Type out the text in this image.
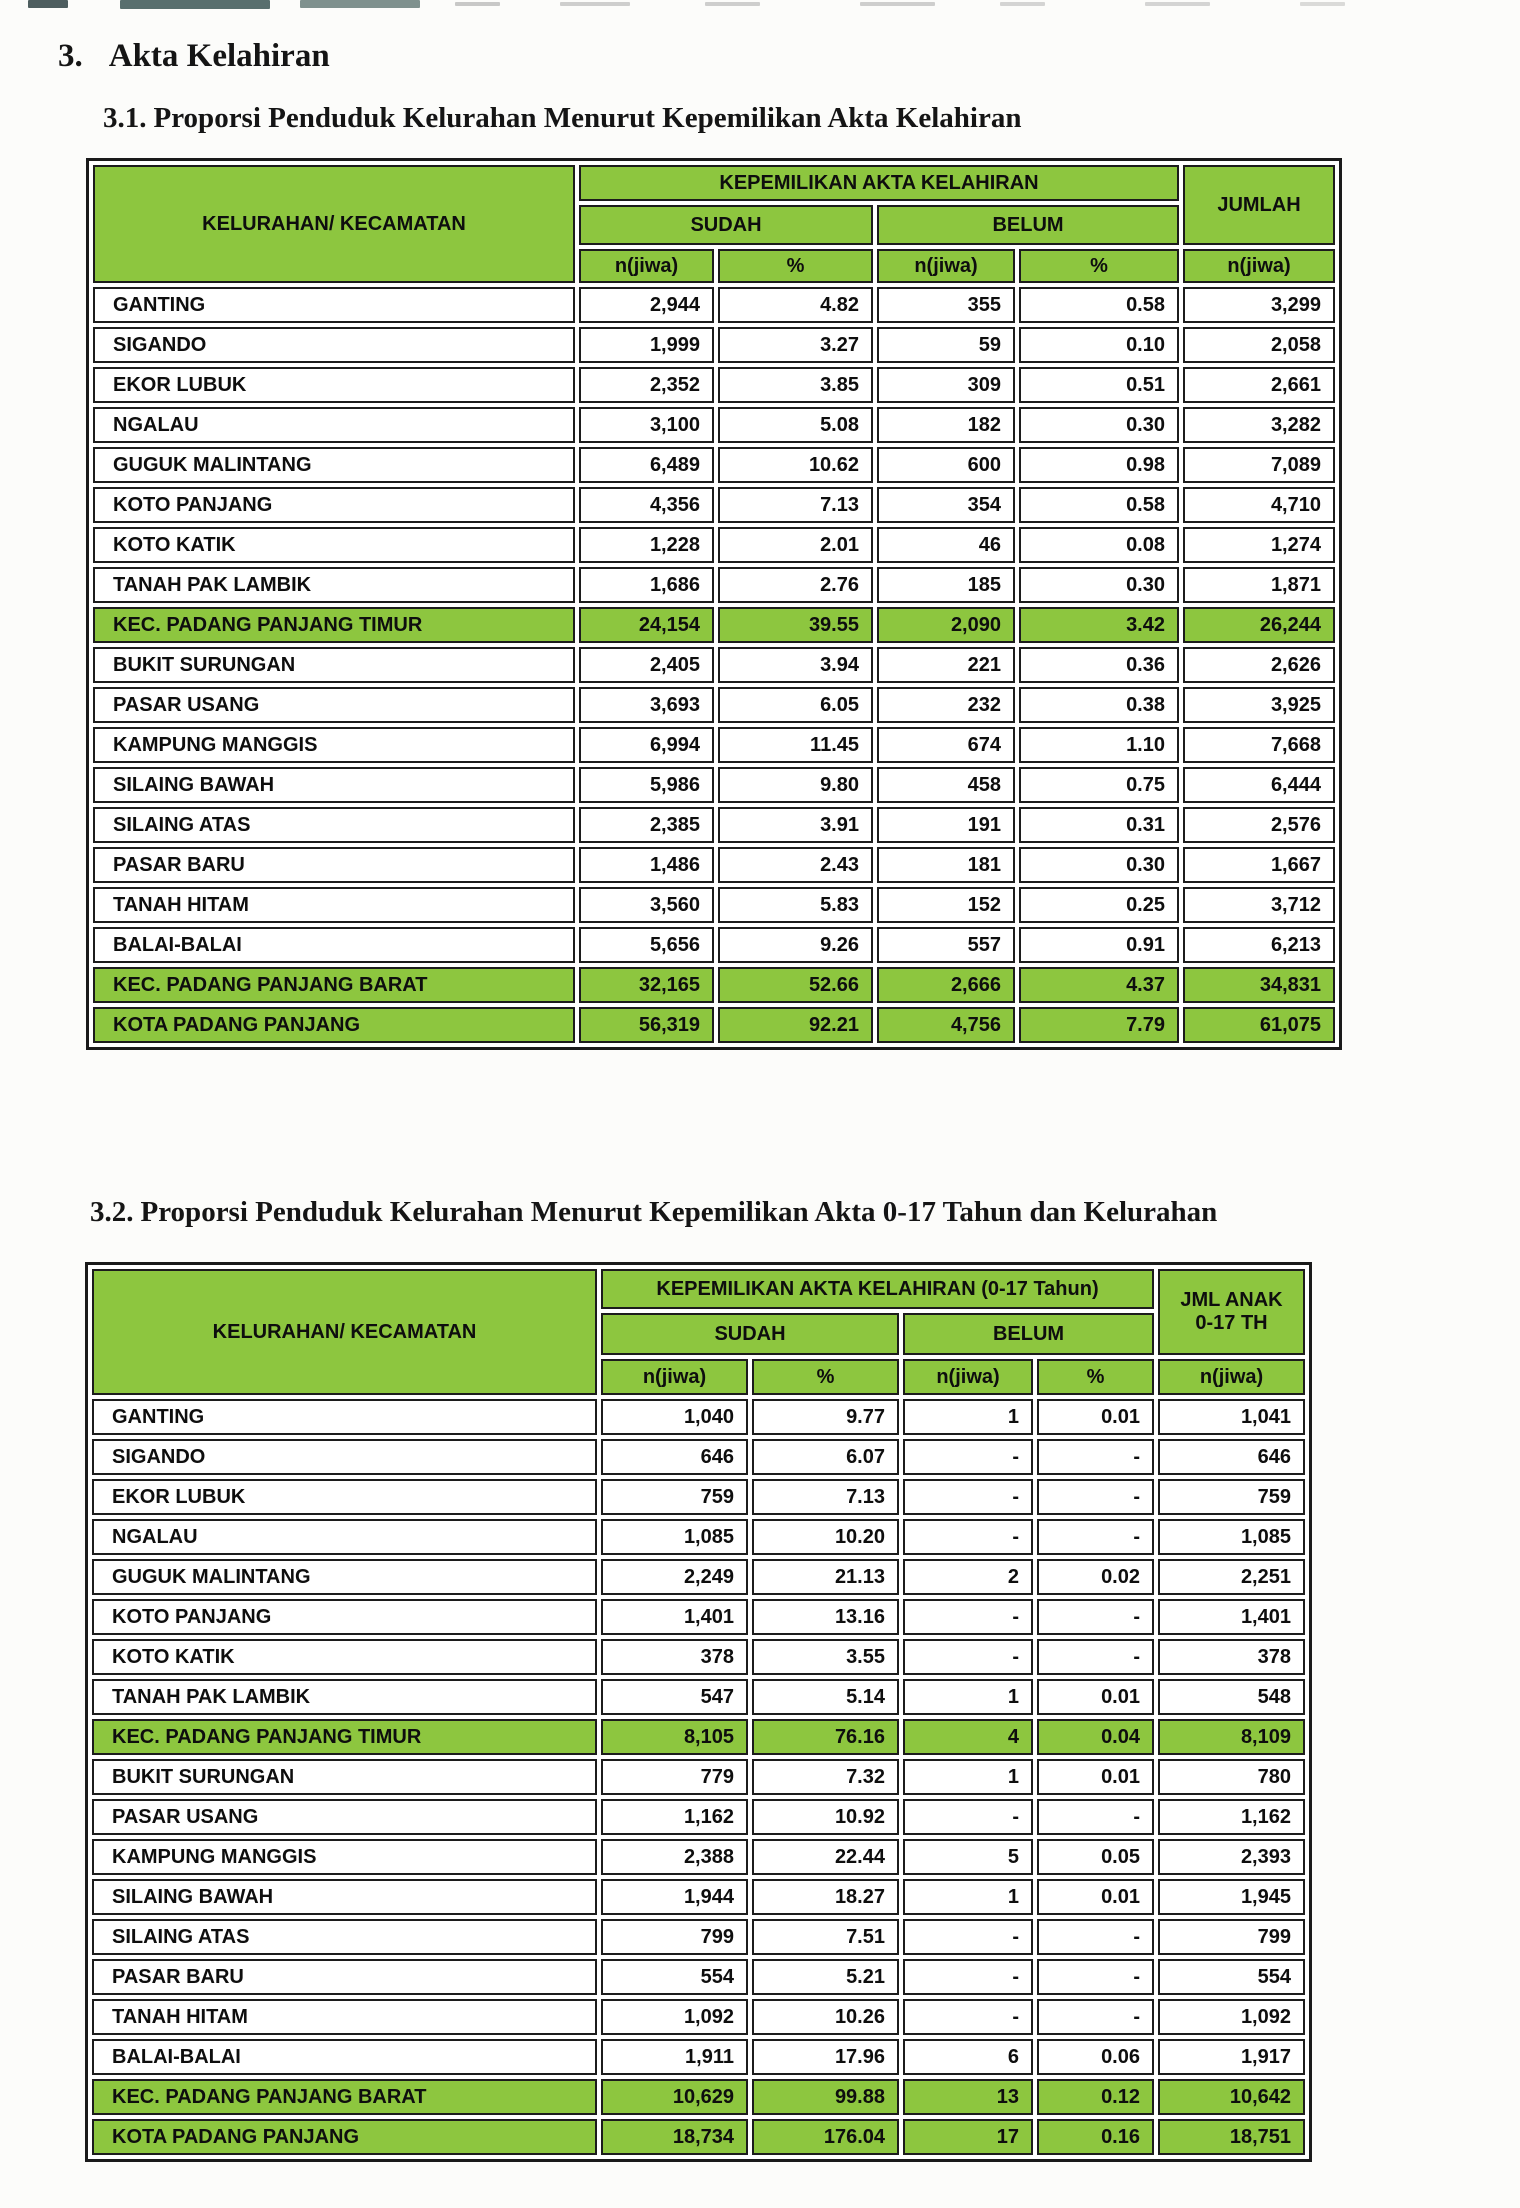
3. Akta Kelahiran
3.1. Proporsi Penduduk Kelurahan Menurut Kepemilikan Akta Kelahiran
3.2. Proporsi Penduduk Kelurahan Menurut Kepemilikan Akta 0-17 Tahun dan Kelurahan
KELURAHAN/ KECAMATAN	KEPEMILIKAN AKTA KELAHIRAN				JUMLAH
	SUDAH		BELUM		
	n(jiwa)	%	n(jiwa)	%	n(jiwa)
GANTING	2,944	4.82	355	0.58	3,299
SIGANDO	1,999	3.27	59	0.10	2,058
EKOR LUBUK	2,352	3.85	309	0.51	2,661
NGALAU	3,100	5.08	182	0.30	3,282
GUGUK MALINTANG	6,489	10.62	600	0.98	7,089
KOTO PANJANG	4,356	7.13	354	0.58	4,710
KOTO KATIK	1,228	2.01	46	0.08	1,274
TANAH PAK LAMBIK	1,686	2.76	185	0.30	1,871
KEC. PADANG PANJANG TIMUR	24,154	39.55	2,090	3.42	26,244
BUKIT SURUNGAN	2,405	3.94	221	0.36	2,626
PASAR USANG	3,693	6.05	232	0.38	3,925
KAMPUNG MANGGIS	6,994	11.45	674	1.10	7,668
SILAING BAWAH	5,986	9.80	458	0.75	6,444
SILAING ATAS	2,385	3.91	191	0.31	2,576
PASAR BARU	1,486	2.43	181	0.30	1,667
TANAH HITAM	3,560	5.83	152	0.25	3,712
BALAI-BALAI	5,656	9.26	557	0.91	6,213
KEC. PADANG PANJANG BARAT	32,165	52.66	2,666	4.37	34,831
KOTA PADANG PANJANG	56,319	92.21	4,756	7.79	61,075
KELURAHAN/ KECAMATAN	KEPEMILIKAN AKTA KELAHIRAN (0-17 Tahun)				JML ANAK
0-17 TH

	SUDAH		BELUM		
	n(jiwa)	%	n(jiwa)	%	n(jiwa)
GANTING	1,040	9.77	1	0.01	1,041
SIGANDO	646	6.07	-	-	646
EKOR LUBUK	759	7.13	-	-	759
NGALAU	1,085	10.20	-	-	1,085
GUGUK MALINTANG	2,249	21.13	2	0.02	2,251
KOTO PANJANG	1,401	13.16	-	-	1,401
KOTO KATIK	378	3.55	-	-	378
TANAH PAK LAMBIK	547	5.14	1	0.01	548
KEC. PADANG PANJANG TIMUR	8,105	76.16	4	0.04	8,109
BUKIT SURUNGAN	779	7.32	1	0.01	780
PASAR USANG	1,162	10.92	-	-	1,162
KAMPUNG MANGGIS	2,388	22.44	5	0.05	2,393
SILAING BAWAH	1,944	18.27	1	0.01	1,945
SILAING ATAS	799	7.51	-	-	799
PASAR BARU	554	5.21	-	-	554
TANAH HITAM	1,092	10.26	-	-	1,092
BALAI-BALAI	1,911	17.96	6	0.06	1,917
KEC. PADANG PANJANG BARAT	10,629	99.88	13	0.12	10,642
KOTA PADANG PANJANG	18,734	176.04	17	0.16	18,751
